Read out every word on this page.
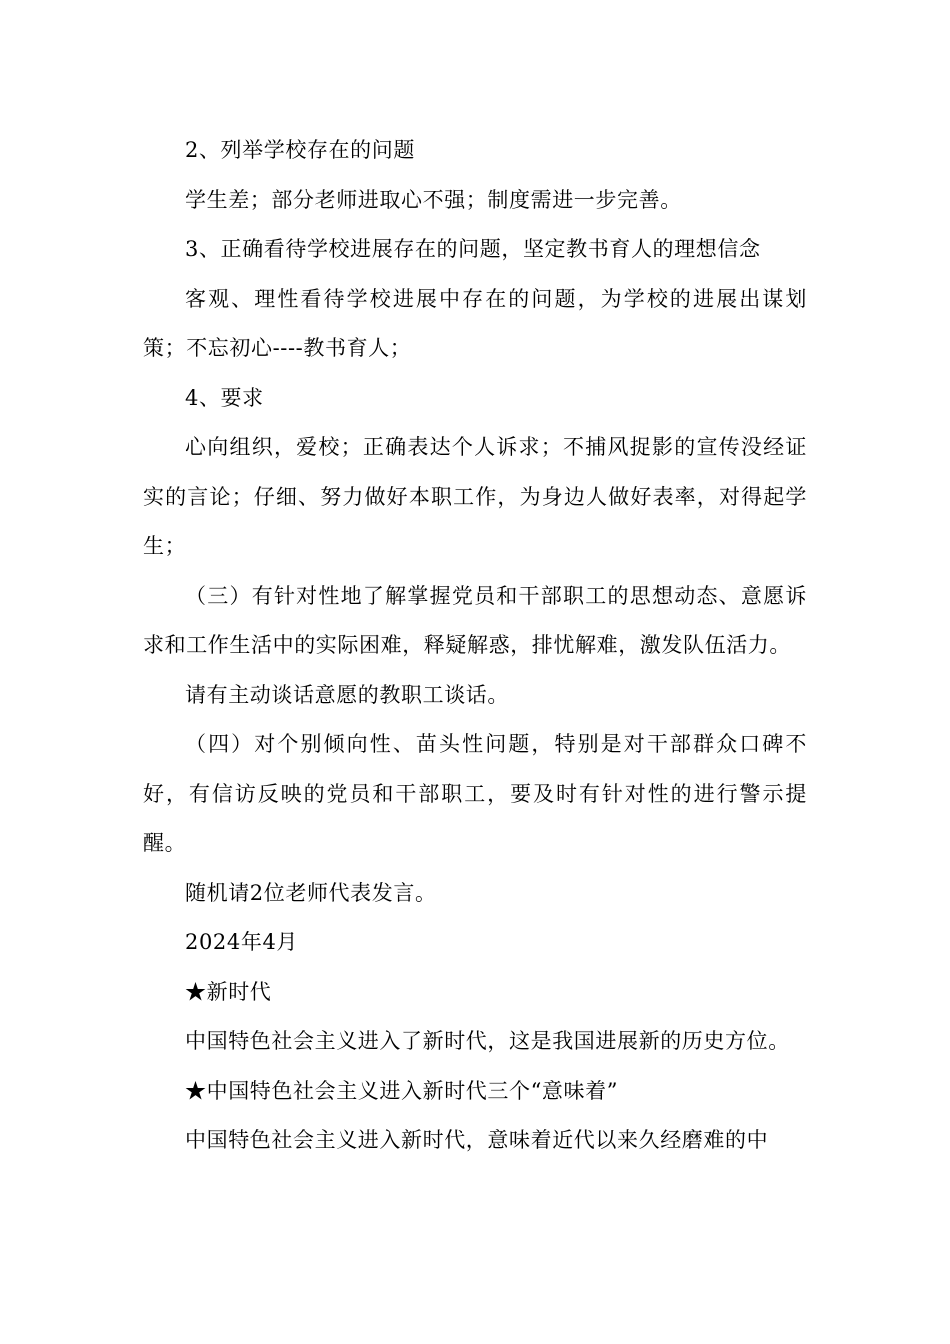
2、列举学校存在的问题

学生差；部分老师进取心不强；制度需进一步完善。

3、正确看待学校进展存在的问题，坚定教书育人的理想信念

客观、理性看待学校进展中存在的问题，为学校的进展出谋划策；不忘初心----教书育人；

4、要求

心向组织，爱校；正确表达个人诉求；不捕风捉影的宣传没经证实的言论；仔细、努力做好本职工作，为身边人做好表率，对得起学生；

（三）有针对性地了解掌握党员和干部职工的思想动态、意愿诉求和工作生活中的实际困难，释疑解惑，排忧解难，激发队伍活力。

请有主动谈话意愿的教职工谈话。

（四）对个别倾向性、苗头性问题，特别是对干部群众口碑不好，有信访反映的党员和干部职工，要及时有针对性的进行警示提醒。

随机请2位老师代表发言。

2024年4月

★新时代

中国特色社会主义进入了新时代，这是我国进展新的历史方位。

★中国特色社会主义进入新时代三个“意味着”

中国特色社会主义进入新时代，意味着近代以来久经磨难的中
